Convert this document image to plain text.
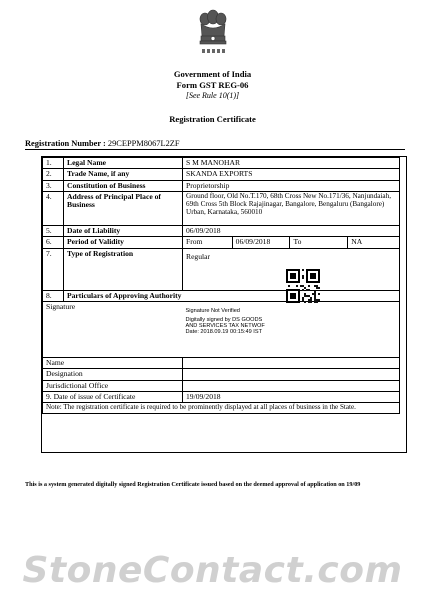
Government of India
Form GST REG-06
[See Rule 10(1)]
Registration Certificate
Registration Number : 29CEPPM8067L2ZF
1.	Legal Name	S M MANOHAR			
2.	Trade Name, if any	SKANDA EXPORTS			
3.	Constitution of Business	Proprietorship			
4.	Address of Principal Place of Business	Ground floor, Old No.T.170, 68th Cross New No.171/36, Nanjundaiah, 69th Cross 5th Block Rajajinagar, Bangalore, Bengaluru (Bangalore) Urban, Karnataka, 560010			
5.	Date of Liability	06/09/2018			
6.	Period of Validity	From	06/09/2018	To	NA
7.	Type of Registration	Regular			
8.	Particulars of Approving Authority				
Signature		Signature Not Verified
Digitally signed by DS GOODS
AND SERVICES TAX NETWOF
Date: 2018.09.19 00:15:49 IST			

Name					
Designation					
Jurisdictional Office					
9. Date of issue of Certificate		19/09/2018			
Note: The registration certificate is required to be prominently displayed at all places of business in the State.					
This is a system generated digitally signed Registration Certificate issued based on the deemed approval of application on 19/09
StoneContact.com
